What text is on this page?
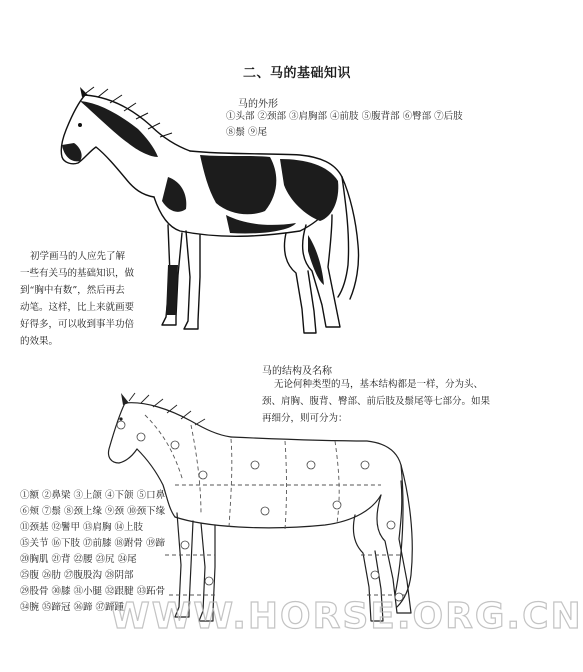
二、马的基础知识
马的外形
①头部 ②颈部 ③肩胸部 ④前肢 ⑤腹背部 ⑥臀部 ⑦后肢
⑧鬃 ⑨尾
初学画马的人应先了解
一些有关马的基础知识，做
到“胸中有数”，然后再去
动笔。这样，比上来就画要
好得多，可以收到事半功倍
的效果。
马的结构及名称
无论何种类型的马，基本结构都是一样，分为头、
颈、肩胸、腹背、臀部、前后肢及鬃尾等七部分。如果
再细分，则可分为：
①额 ②鼻梁 ③上颌 ④下颌 ⑤口鼻
⑥颊 ⑦鬃 ⑧颈上缘 ⑨颈 ⑩颈下缘
⑪颈基 ⑫鬐甲 ⑬肩胸 ⑭上肢
⑮关节 ⑯下肢 ⑰前膝 ⑱跗骨 ⑲蹄
⑳胸肌 ㉑背 ㉒腰 ㉓尻 ㉔尾
㉕腹 ㉖肋 ㉗腹股沟 ㉘阴部
㉙股骨 ㉚膝 ㉛小腿 ㉜跟腱 ㉝跖骨
㉞腕 ㉟蹄冠 ㊱蹄 ㊲蹄踵
WWW.HORSE.ORG.CN
